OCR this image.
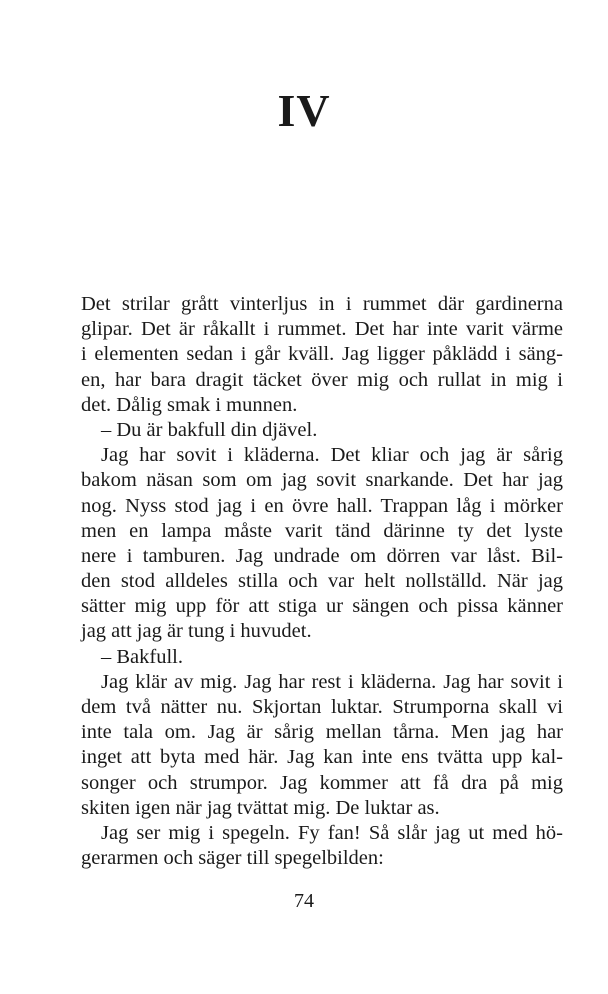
IV
Det strilar grått vinterljus in i rummet där gardinerna
glipar. Det är råkallt i rummet. Det har inte varit värme
i elementen sedan i går kväll. Jag ligger påklädd i säng-
en, har bara dragit täcket över mig och rullat in mig i
det. Dålig smak i munnen.
– Du är bakfull din djävel.
Jag har sovit i kläderna. Det kliar och jag är sårig
bakom näsan som om jag sovit snarkande. Det har jag
nog. Nyss stod jag i en övre hall. Trappan låg i mörker
men en lampa måste varit tänd därinne ty det lyste
nere i tamburen. Jag undrade om dörren var låst. Bil-
den stod alldeles stilla och var helt nollställd. När jag
sätter mig upp för att stiga ur sängen och pissa känner
jag att jag är tung i huvudet.
– Bakfull.
Jag klär av mig. Jag har rest i kläderna. Jag har sovit i
dem två nätter nu. Skjortan luktar. Strumporna skall vi
inte tala om. Jag är sårig mellan tårna. Men jag har
inget att byta med här. Jag kan inte ens tvätta upp kal-
songer och strumpor. Jag kommer att få dra på mig
skiten igen när jag tvättat mig. De luktar as.
Jag ser mig i spegeln. Fy fan! Så slår jag ut med hö-
gerarmen och säger till spegelbilden:
74
